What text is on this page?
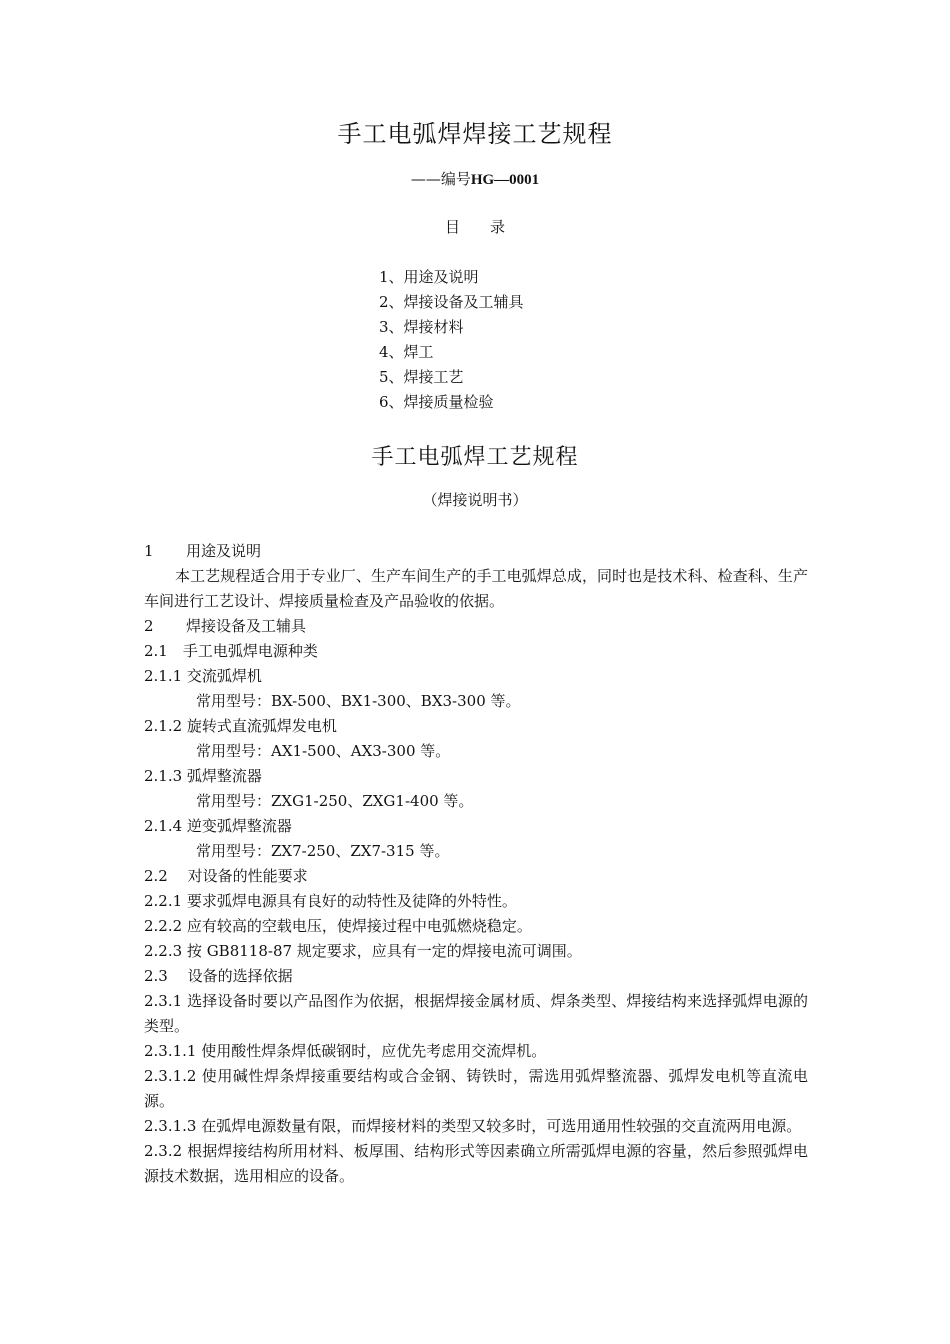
手工电弧焊焊接工艺规程
——编号HG—0001
目录
1、用途及说明
2、焊接设备及工辅具
3、焊接材料
4、焊工
5、焊接工艺
6、焊接质量检验
手工电弧焊工艺规程
（焊接说明书）
1 用途及说明
本工艺规程适合用于专业厂、生产车间生产的手工电弧焊总成，同时也是技术科、检查科、生产车间进行工艺设计、焊接质量检查及产品验收的依据。
2 焊接设备及工辅具
2.1　手工电弧焊电源种类
2.1.1 交流弧焊机
常用型号：BX-500、BX1-300、BX3-300 等。
2.1.2 旋转式直流弧焊发电机
常用型号：AX1-500、AX3-300 等。
2.1.3 弧焊整流器
常用型号：ZXG1-250、ZXG1-400 等。
2.1.4 逆变弧焊整流器
常用型号：ZX7-250、ZX7-315 等。
2.2　 对设备的性能要求
2.2.1 要求弧焊电源具有良好的动特性及徒降的外特性。
2.2.2 应有较高的空载电压，使焊接过程中电弧燃烧稳定。
2.2.3 按 GB8118-87 规定要求，应具有一定的焊接电流可调围。
2.3　 设备的选择依据
2.3.1 选择设备时要以产品图作为依据，根据焊接金属材质、焊条类型、焊接结构来选择弧焊电源的类型。
2.3.1.1 使用酸性焊条焊低碳钢时，应优先考虑用交流焊机。
2.3.1.2 使用碱性焊条焊接重要结构或合金钢、铸铁时，需选用弧焊整流器、弧焊发电机等直流电源。
2.3.1.3 在弧焊电源数量有限，而焊接材料的类型又较多时，可选用通用性较强的交直流两用电源。
2.3.2 根据焊接结构所用材料、板厚围、结构形式等因素确立所需弧焊电源的容量，然后参照弧焊电源技术数据，选用相应的设备。
